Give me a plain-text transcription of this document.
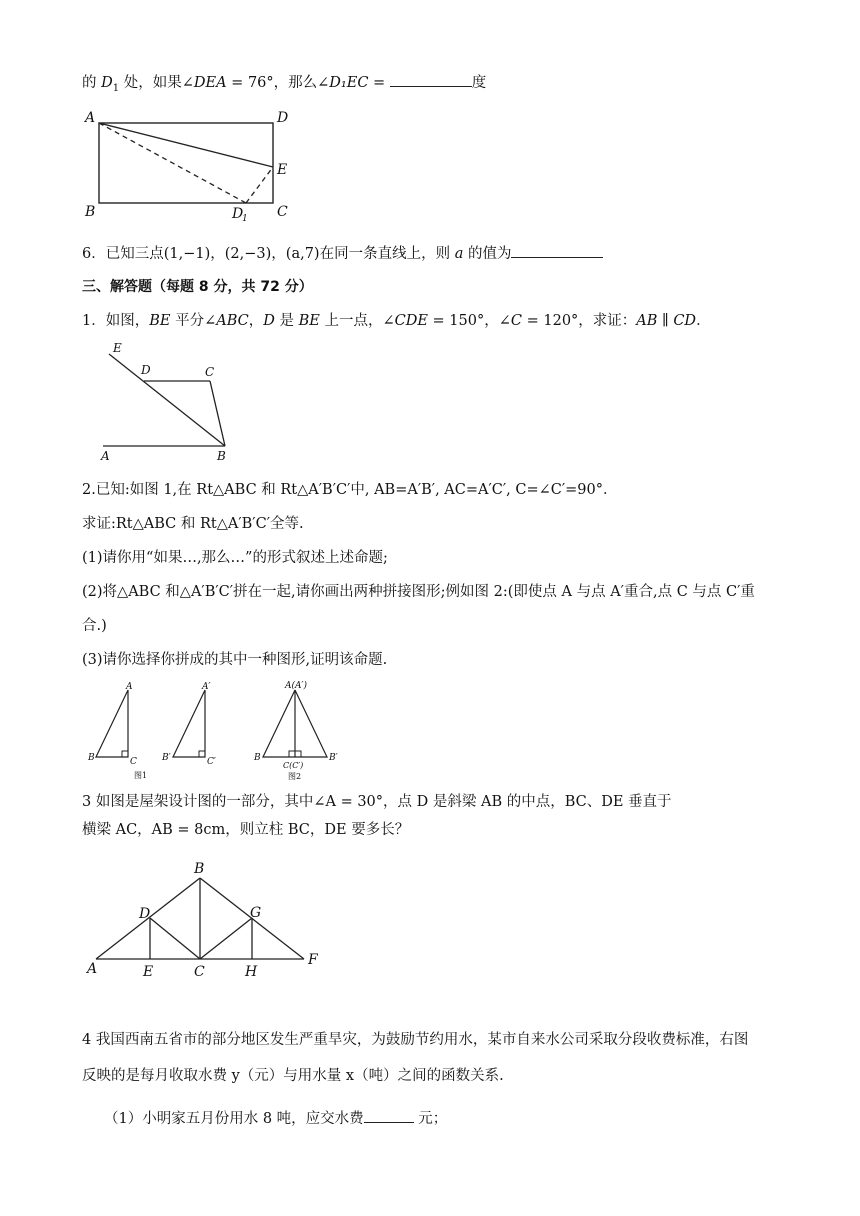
的 $D_1$ 处，如果∠DEA = 76°，那么∠D₁EC =	度
A	D
E
B	D
1 C
6．已知三点(1,−1)，(2,−3)，(a,7)在同一条直线上，则 a 的值为
三、解答题（每题 8 分，共 72 分）
1．如图，BE 平分∠ABC，D 是 BE 上一点，∠CDE = 150°，∠C = 120°，求证：AB ∥ CD．
E
D	C
A	B
2.已知:如图 1,在 Rt△ABC 和 Rt△A′B′C′中, AB=A′B′, AC=A′C′, C=∠C′=90°．
求证:Rt△ABC 和 Rt△A′B′C′全等.
(1)请你用“如果…,那么…”的形式叙述上述命题;
(2)将△ABC 和△A′B′C′拼在一起,请你画出两种拼接图形;例如图 2:(即使点 A 与点 A′重合,点 C 与点 C′重
合.)
(3)请你选择你拼成的其中一种图形,证明该命题.
A
B	C
图1
A′
B′	C′
A(A′)
B	B′
C(C′)
图2
3 如图是屋架设计图的一部分，其中∠A = 30°，点 D 是斜梁 AB 的中点，BC、DE 垂直于
横梁 AC，AB = 8cm，则立柱 BC，DE 要多长？
B
D	G
A	E	C	H
F
4 我国西南五省市的部分地区发生严重旱灾，为鼓励节约用水，某市自来水公司采取分段收费标准，右图
反映的是每月收取水费 y（元）与用水量 x（吨）之间的函数关系.
（1）小明家五月份用水 8 吨，应交水费	元；
